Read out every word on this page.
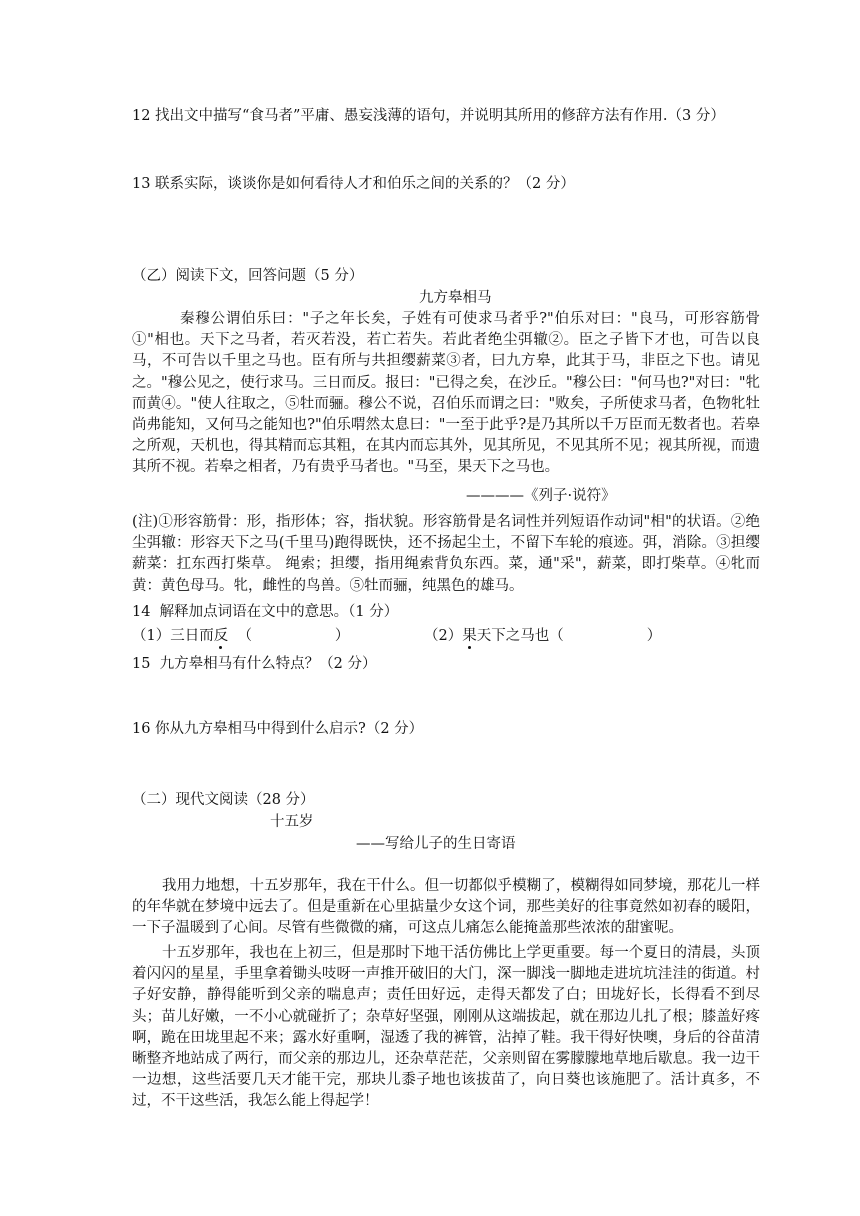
12 找出文中描写“食马者”平庸、愚妄浅薄的语句，并说明其所用的修辞方法有作用.（3 分）
13 联系实际，谈谈你是如何看待人才和伯乐之间的关系的？（2 分）
（乙）阅读下文，回答问题（5 分）
九方皋相马
秦穆公谓伯乐曰："子之年长矣，子姓有可使求马者乎?"伯乐对曰："良马，可形容筋骨①"相也。天下之马者，若灭若没，若亡若失。若此者绝尘弭辙②。臣之子皆下才也，可告以良马，不可告以千里之马也。臣有所与共担缨薪菜③者，曰九方皋，此其于马，非臣之下也。请见之。"穆公见之，使行求马。三日而反。报曰："已得之矣，在沙丘。"穆公曰："何马也?"对曰："牝而黄④。"使人往取之，⑤牡而骊。穆公不说，召伯乐而谓之曰："败矣，子所使求马者，色物牝牡尚弗能知，又何马之能知也?"伯乐喟然太息曰："一至于此乎?是乃其所以千万臣而无数者也。若皋之所观，天机也，得其精而忘其粗，在其内而忘其外，见其所见，不见其所不见；视其所视，而遗其所不视。若皋之相者，乃有贵乎马者也。"马至，果天下之马也。
————《列子·说符》
(注)①形容筋骨：形，指形体；容，指状貌。形容筋骨是名词性并列短语作动词"相"的状语。②绝尘弭辙：形容天下之马(千里马)跑得既快，还不扬起尘土，不留下车轮的痕迹。弭，消除。③担缨薪菜：扛东西打柴草。 绳索；担缨，指用绳索背负东西。菜，通"采"，薪菜，即打柴草。④牝而黄：黄色母马。牝，雌性的鸟兽。⑤牡而骊，纯黑色的雄马。
14  解释加点词语在文中的意思。（1 分）
（1）三日而反  （                  ）	（2）果天下之马也（                  ）
15  九方皋相马有什么特点？（2 分）
16 你从九方皋相马中得到什么启示?（2 分）
（二）现代文阅读（28 分）
十五岁
——写给儿子的生日寄语
我用力地想，十五岁那年，我在干什么。但一切都似乎模糊了，模糊得如同梦境，那花儿一样的年华就在梦境中远去了。但是重新在心里掂量少女这个词，那些美好的往事竟然如初春的暖阳，一下子温暖到了心间。尽管有些微微的痛，可这点儿痛怎么能掩盖那些浓浓的甜蜜呢。
十五岁那年，我也在上初三，但是那时下地干活仿佛比上学更重要。每一个夏日的清晨，头顶着闪闪的星星，手里拿着锄头吱呀一声推开破旧的大门，深一脚浅一脚地走进坑坑洼洼的街道。村子好安静，静得能听到父亲的喘息声；责任田好远，走得天都发了白；田垅好长，长得看不到尽头；苗儿好嫩，一不小心就碰折了；杂草好坚强，刚刚从这端拔起，就在那边儿扎了根；膝盖好疼啊，跪在田垅里起不来；露水好重啊，湿透了我的裤管，沾掉了鞋。我干得好快噢，身后的谷苗清晰整齐地站成了两行，而父亲的那边儿，还杂草茫茫，父亲则留在雾朦朦地草地后歇息。我一边干一边想，这些活要几天才能干完，那块儿黍子地也该拔苗了，向日葵也该施肥了。活计真多，不过，不干这些活，我怎么能上得起学！
